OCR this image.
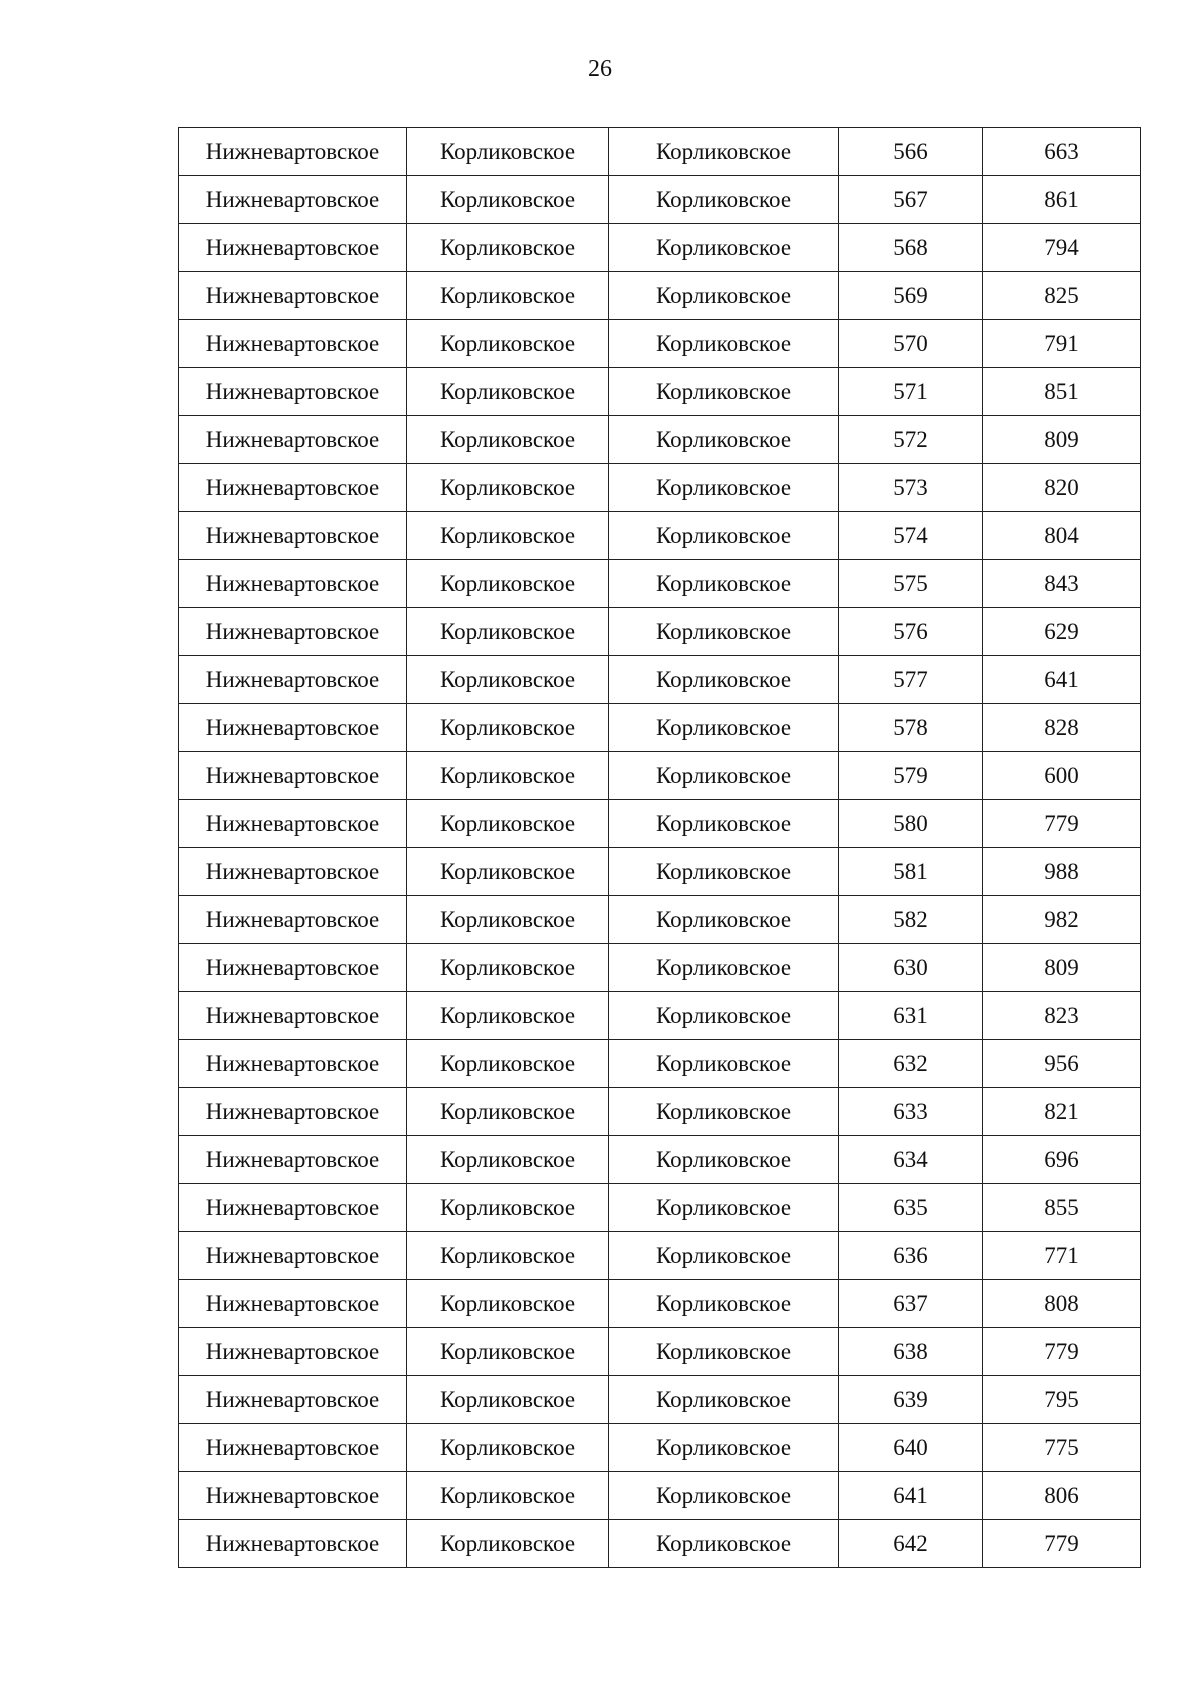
26
Нижневартовское	Корликовское	Корликовское	566	663
Нижневартовское	Корликовское	Корликовское	567	861
Нижневартовское	Корликовское	Корликовское	568	794
Нижневартовское	Корликовское	Корликовское	569	825
Нижневартовское	Корликовское	Корликовское	570	791
Нижневартовское	Корликовское	Корликовское	571	851
Нижневартовское	Корликовское	Корликовское	572	809
Нижневартовское	Корликовское	Корликовское	573	820
Нижневартовское	Корликовское	Корликовское	574	804
Нижневартовское	Корликовское	Корликовское	575	843
Нижневартовское	Корликовское	Корликовское	576	629
Нижневартовское	Корликовское	Корликовское	577	641
Нижневартовское	Корликовское	Корликовское	578	828
Нижневартовское	Корликовское	Корликовское	579	600
Нижневартовское	Корликовское	Корликовское	580	779
Нижневартовское	Корликовское	Корликовское	581	988
Нижневартовское	Корликовское	Корликовское	582	982
Нижневартовское	Корликовское	Корликовское	630	809
Нижневартовское	Корликовское	Корликовское	631	823
Нижневартовское	Корликовское	Корликовское	632	956
Нижневартовское	Корликовское	Корликовское	633	821
Нижневартовское	Корликовское	Корликовское	634	696
Нижневартовское	Корликовское	Корликовское	635	855
Нижневартовское	Корликовское	Корликовское	636	771
Нижневартовское	Корликовское	Корликовское	637	808
Нижневартовское	Корликовское	Корликовское	638	779
Нижневартовское	Корликовское	Корликовское	639	795
Нижневартовское	Корликовское	Корликовское	640	775
Нижневартовское	Корликовское	Корликовское	641	806
Нижневартовское	Корликовское	Корликовское	642	779
